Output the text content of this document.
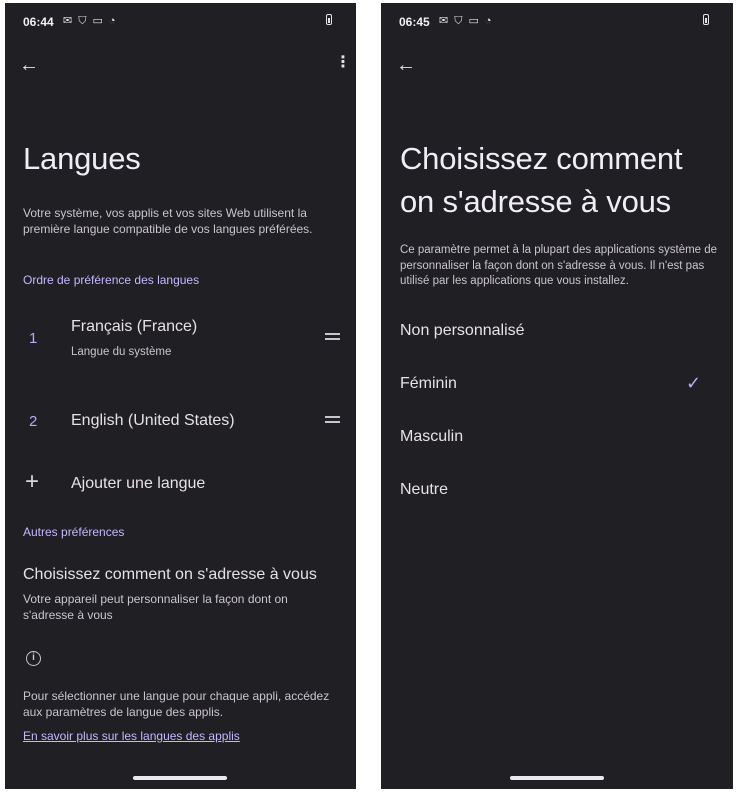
06:44 ✉ ⛉ ▭ ◔
←	⋮
Langues
Votre système, vos applis et vos sites Web utilisent la première langue compatible de vos langues préférées.
Ordre de préférence des langues
1
Français (France)
Langue du système
2 English (United States)
+ Ajouter une langue
Autres préférences
Choisissez comment on s'adresse à vous
Votre appareil peut personnaliser la façon dont on s'adresse à vous
i
Pour sélectionner une langue pour chaque appli, accédez aux paramètres de langue des applis.
En savoir plus sur les langues des applis
06:45 ✉ ⛉ ▭ ◔
←
Choisissez comment on s'adresse à vous
Ce paramètre permet à la plupart des applications système de personnaliser la façon dont on s'adresse à vous. Il n'est pas utilisé par les applications que vous installez.
Non personnalisé
Féminin	✓
Masculin
Neutre
